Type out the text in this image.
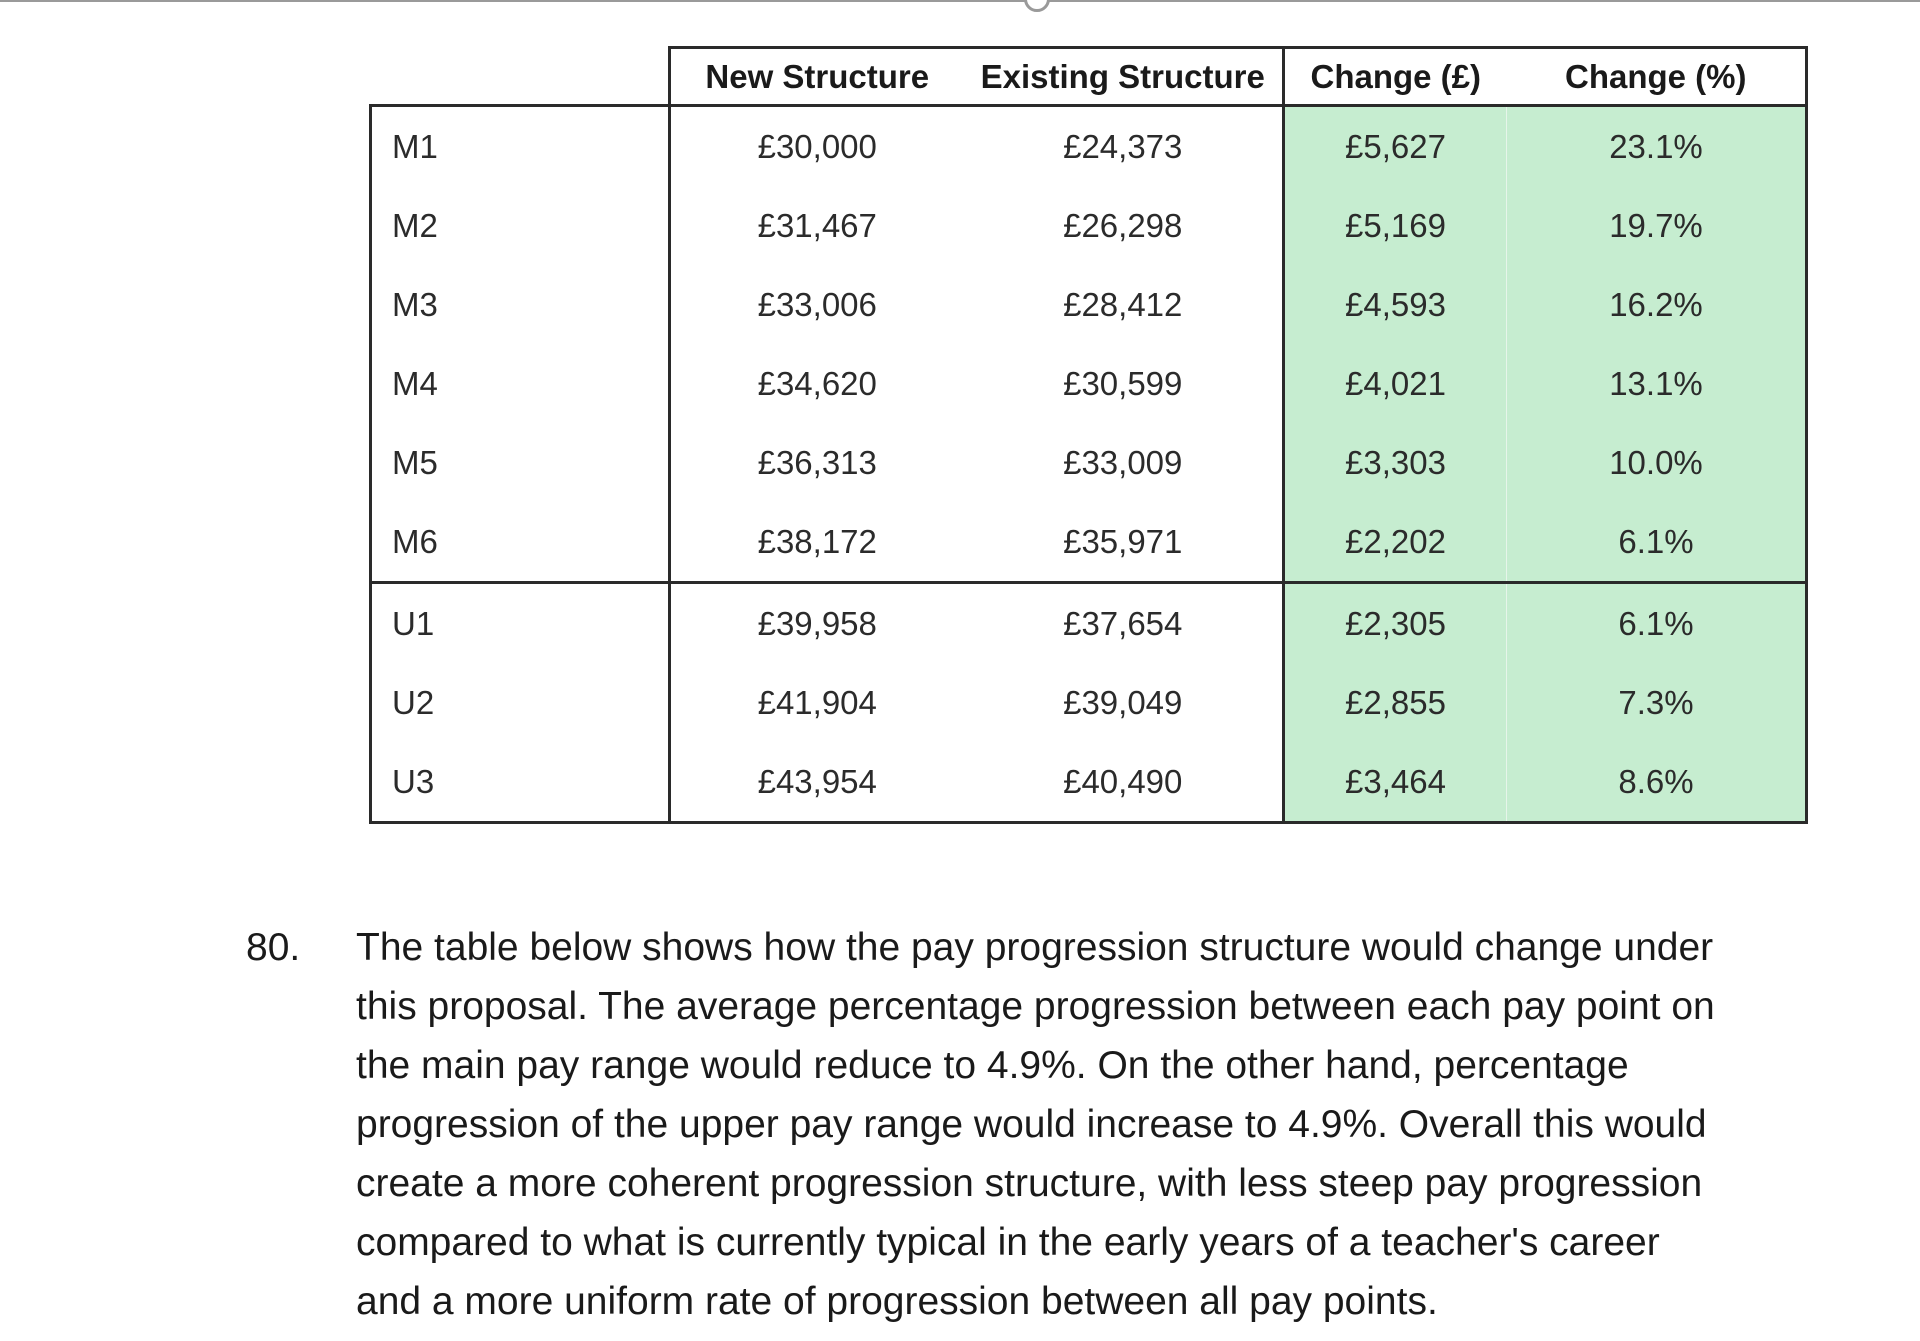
	New Structure	Existing Structure	Change (£)	Change (%)
M1	£30,000	£24,373	£5,627	23.1%
M2	£31,467	£26,298	£5,169	19.7%
M3	£33,006	£28,412	£4,593	16.2%
M4	£34,620	£30,599	£4,021	13.1%
M5	£36,313	£33,009	£3,303	10.0%
M6	£38,172	£35,971	£2,202	6.1%
U1	£39,958	£37,654	£2,305	6.1%
U2	£41,904	£39,049	£2,855	7.3%
U3	£43,954	£40,490	£3,464	8.6%
80. The table below shows how the pay progression structure would change under
this proposal. The average percentage progression between each pay point on
the main pay range would reduce to 4.9%. On the other hand, percentage
progression of the upper pay range would increase to 4.9%. Overall this would
create a more coherent progression structure, with less steep pay progression
compared to what is currently typical in the early years of a teacher's career
and a more uniform rate of progression between all pay points.
